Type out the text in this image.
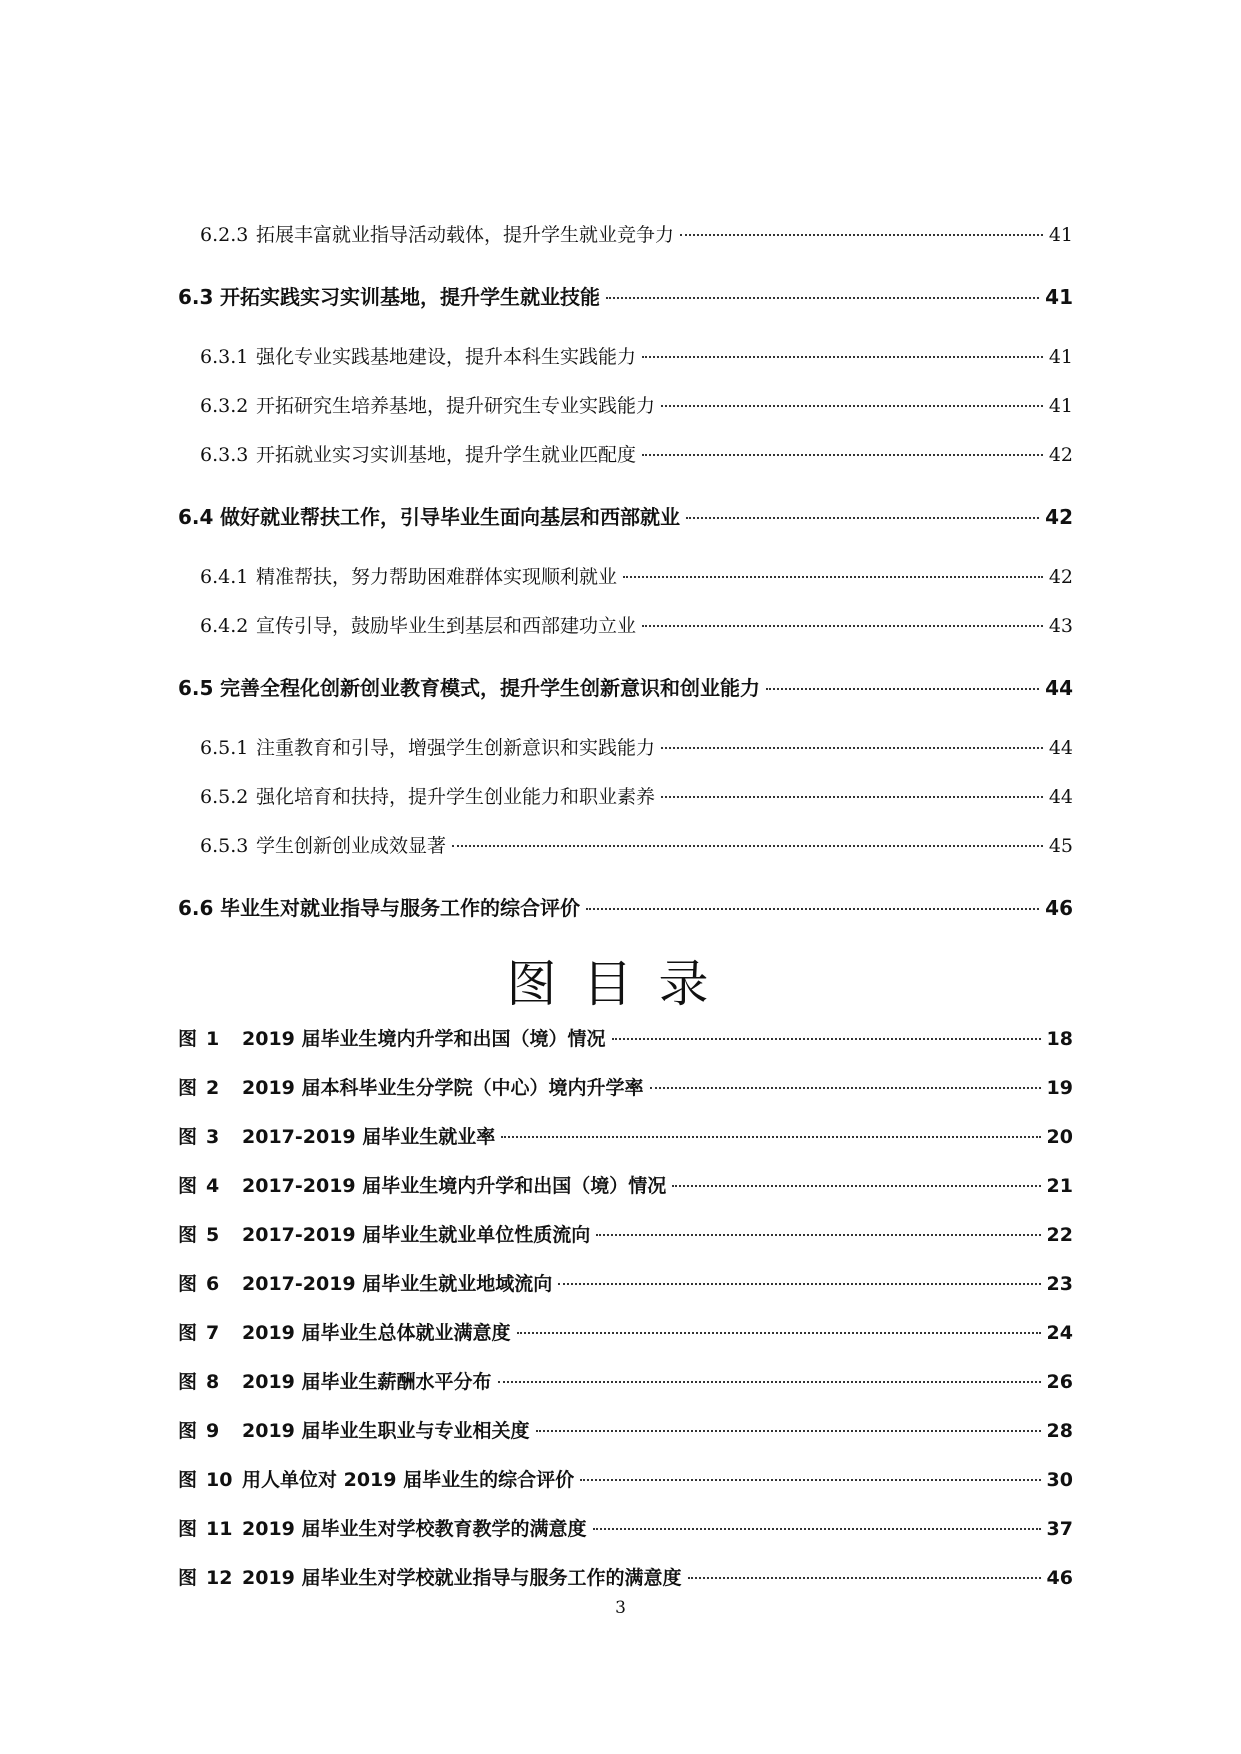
6.2.3 拓展丰富就业指导活动载体，提升学生就业竞争力	41
6.3 开拓实践实习实训基地，提升学生就业技能	41
6.3.1 强化专业实践基地建设，提升本科生实践能力	41
6.3.2 开拓研究生培养基地，提升研究生专业实践能力	41
6.3.3 开拓就业实习实训基地，提升学生就业匹配度	42
6.4 做好就业帮扶工作，引导毕业生面向基层和西部就业	42
6.4.1 精准帮扶，努力帮助困难群体实现顺利就业	42
6.4.2 宣传引导，鼓励毕业生到基层和西部建功立业	43
6.5 完善全程化创新创业教育模式，提升学生创新意识和创业能力	44
6.5.1 注重教育和引导，增强学生创新意识和实践能力	44
6.5.2 强化培育和扶持，提升学生创业能力和职业素养	44
6.5.3 学生创新创业成效显著	45
6.6 毕业生对就业指导与服务工作的综合评价	46
图目录
图 1	2019 届毕业生境内升学和出国（境）情况	18
图 2	2019 届本科毕业生分学院（中心）境内升学率	19
图 3	2017-2019 届毕业生就业率	20
图 4	2017-2019 届毕业生境内升学和出国（境）情况	21
图 5	2017-2019 届毕业生就业单位性质流向	22
图 6	2017-2019 届毕业生就业地域流向	23
图 7	2019 届毕业生总体就业满意度	24
图 8	2019 届毕业生薪酬水平分布	26
图 9	2019 届毕业生职业与专业相关度	28
图 10 用人单位对 2019 届毕业生的综合评价	30
图 11 2019 届毕业生对学校教育教学的满意度	37
图 12 2019 届毕业生对学校就业指导与服务工作的满意度	46
3
